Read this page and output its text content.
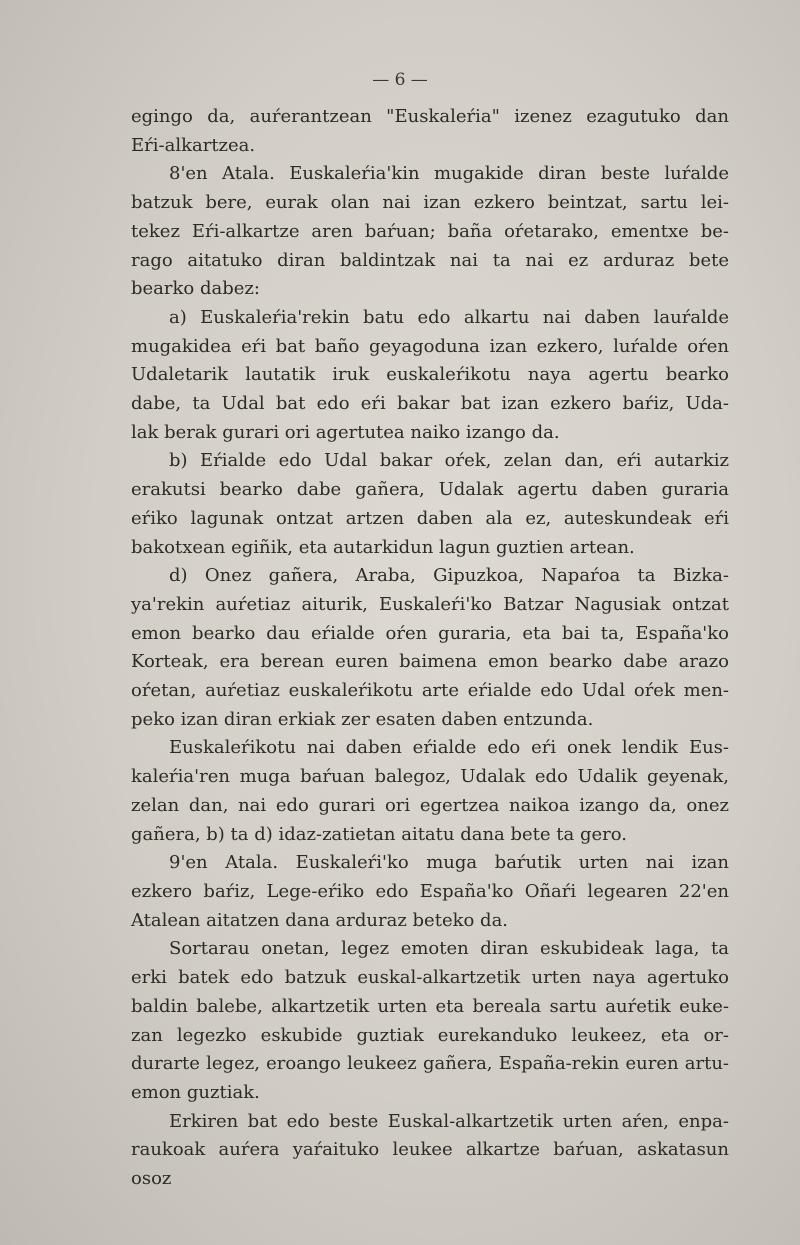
— 6 —

egingo da, auŕerantzean "Euskaleŕia" izenez ezagutuko dan

Eŕi-alkartzea.

8'en Atala. Euskaleŕia'kin mugakide diran beste luŕalde

batzuk bere, eurak olan nai izan ezkero beintzat, sartu lei-

tekez Eŕi-alkartze aren baŕuan; baña oŕetarako, ementxe be-

rago aitatuko diran baldintzak nai ta nai ez arduraz bete

bearko dabez:

a) Euskaleŕia'rekin batu edo alkartu nai daben lauŕalde

mugakidea eŕi bat baño geyagoduna izan ezkero, luŕalde oŕen

Udaletarik lautatik iruk euskaleŕikotu naya agertu bearko

dabe, ta Udal bat edo eŕi bakar bat izan ezkero baŕiz, Uda-

lak berak gurari ori agertutea naiko izango da.

b) Eŕialde edo Udal bakar oŕek, zelan dan, eŕi autarkiz

erakutsi bearko dabe gañera, Udalak agertu daben guraria

eŕiko lagunak ontzat artzen daben ala ez, auteskundeak eŕi

bakotxean egiñik, eta autarkidun lagun guztien artean.

d) Onez gañera, Araba, Gipuzkoa, Napaŕoa ta Bizka-

ya'rekin auŕetiaz aiturik, Euskaleŕi'ko Batzar Nagusiak ontzat

emon bearko dau eŕialde oŕen guraria, eta bai ta, España'ko

Korteak, era berean euren baimena emon bearko dabe arazo

oŕetan, auŕetiaz euskaleŕikotu arte eŕialde edo Udal oŕek men-

peko izan diran erkiak zer esaten daben entzunda.

Euskaleŕikotu nai daben eŕialde edo eŕi onek lendik Eus-

kaleŕia'ren muga baŕuan balegoz, Udalak edo Udalik geyenak,

zelan dan, nai edo gurari ori egertzea naikoa izango da, onez

gañera, b) ta d) idaz-zatietan aitatu dana bete ta gero.

9'en Atala. Euskaleŕi'ko muga baŕutik urten nai izan

ezkero baŕiz, Lege-eŕiko edo España'ko Oñaŕi legearen 22'en

Atalean aitatzen dana arduraz beteko da.

Sortarau onetan, legez emoten diran eskubideak laga, ta

erki batek edo batzuk euskal-alkartzetik urten naya agertuko

baldin balebe, alkartzetik urten eta bereala sartu auŕetik euke-

zan legezko eskubide guztiak eurekanduko leukeez, eta or-

durarte legez, eroango leukeez gañera, España-rekin euren artu-

emon guztiak.

Erkiren bat edo beste Euskal-alkartzetik urten aŕen, enpa-

raukoak auŕera yaŕaituko leukee alkartze baŕuan, askatasun osoz
